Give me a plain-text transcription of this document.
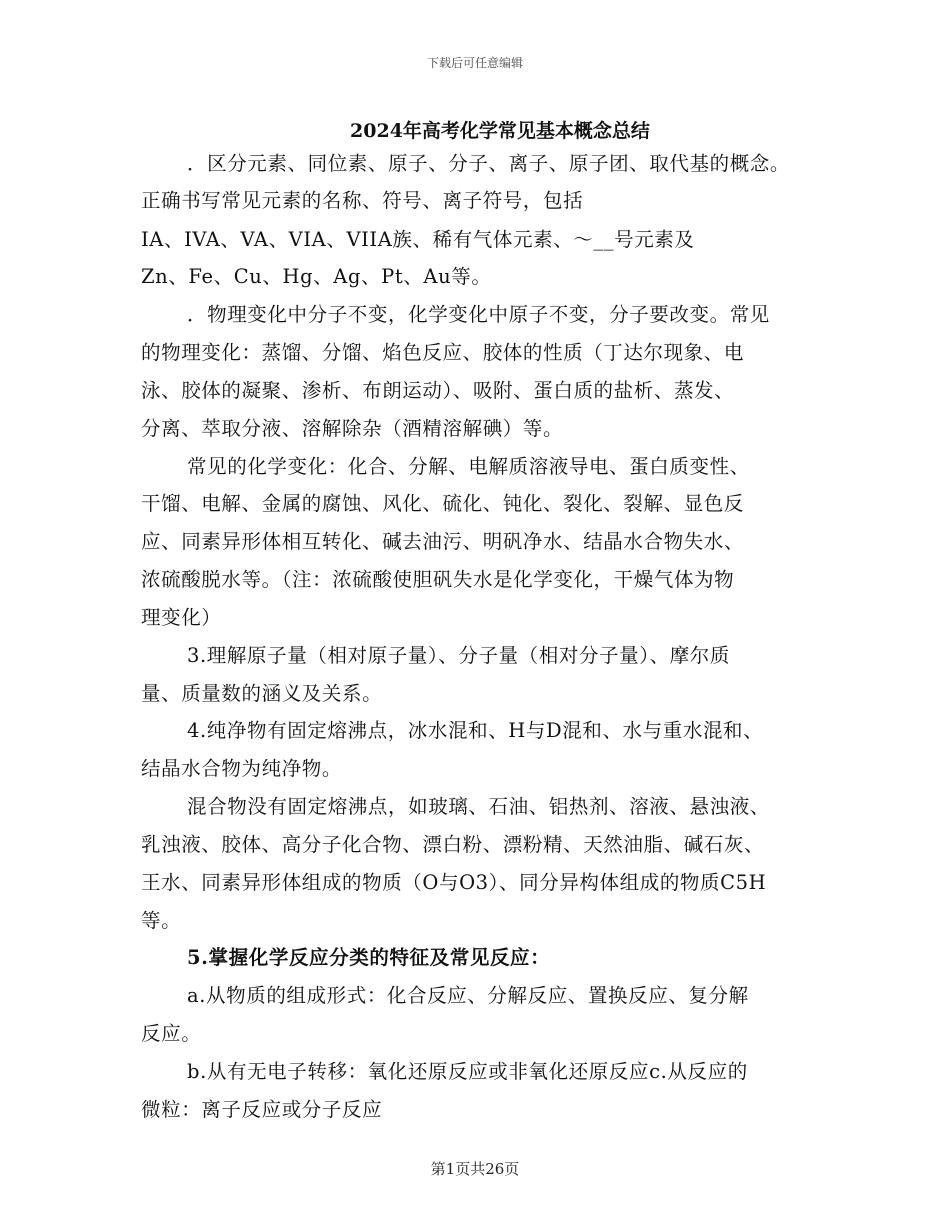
下载后可任意编辑
2024年高考化学常见基本概念总结
．区分元素、同位素、原子、分子、离子、原子团、取代基的概念。
正确书写常见元素的名称、符号、离子符号，包括
IA、IVA、VA、VIA、VIIA族、稀有气体元素、～__号元素及
Zn、Fe、Cu、Hg、Ag、Pt、Au等。
．物理变化中分子不变，化学变化中原子不变，分子要改变。常见
的物理变化：蒸馏、分馏、焰色反应、胶体的性质（丁达尔现象、电
泳、胶体的凝聚、渗析、布朗运动）、吸附、蛋白质的盐析、蒸发、
分离、萃取分液、溶解除杂（酒精溶解碘）等。
常见的化学变化：化合、分解、电解质溶液导电、蛋白质变性、
干馏、电解、金属的腐蚀、风化、硫化、钝化、裂化、裂解、显色反
应、同素异形体相互转化、碱去油污、明矾净水、结晶水合物失水、
浓硫酸脱水等。（注：浓硫酸使胆矾失水是化学变化，干燥气体为物
理变化）
3.理解原子量（相对原子量）、分子量（相对分子量）、摩尔质
量、质量数的涵义及关系。
4.纯净物有固定熔沸点，冰水混和、H与D混和、水与重水混和、
结晶水合物为纯净物。
混合物没有固定熔沸点，如玻璃、石油、铝热剂、溶液、悬浊液、
乳浊液、胶体、高分子化合物、漂白粉、漂粉精、天然油脂、碱石灰、
王水、同素异形体组成的物质（O与O3）、同分异构体组成的物质C5H
等。
5.掌握化学反应分类的特征及常见反应：
a.从物质的组成形式：化合反应、分解反应、置换反应、复分解
反应。
b.从有无电子转移：氧化还原反应或非氧化还原反应c.从反应的
微粒：离子反应或分子反应
第1页共26页
